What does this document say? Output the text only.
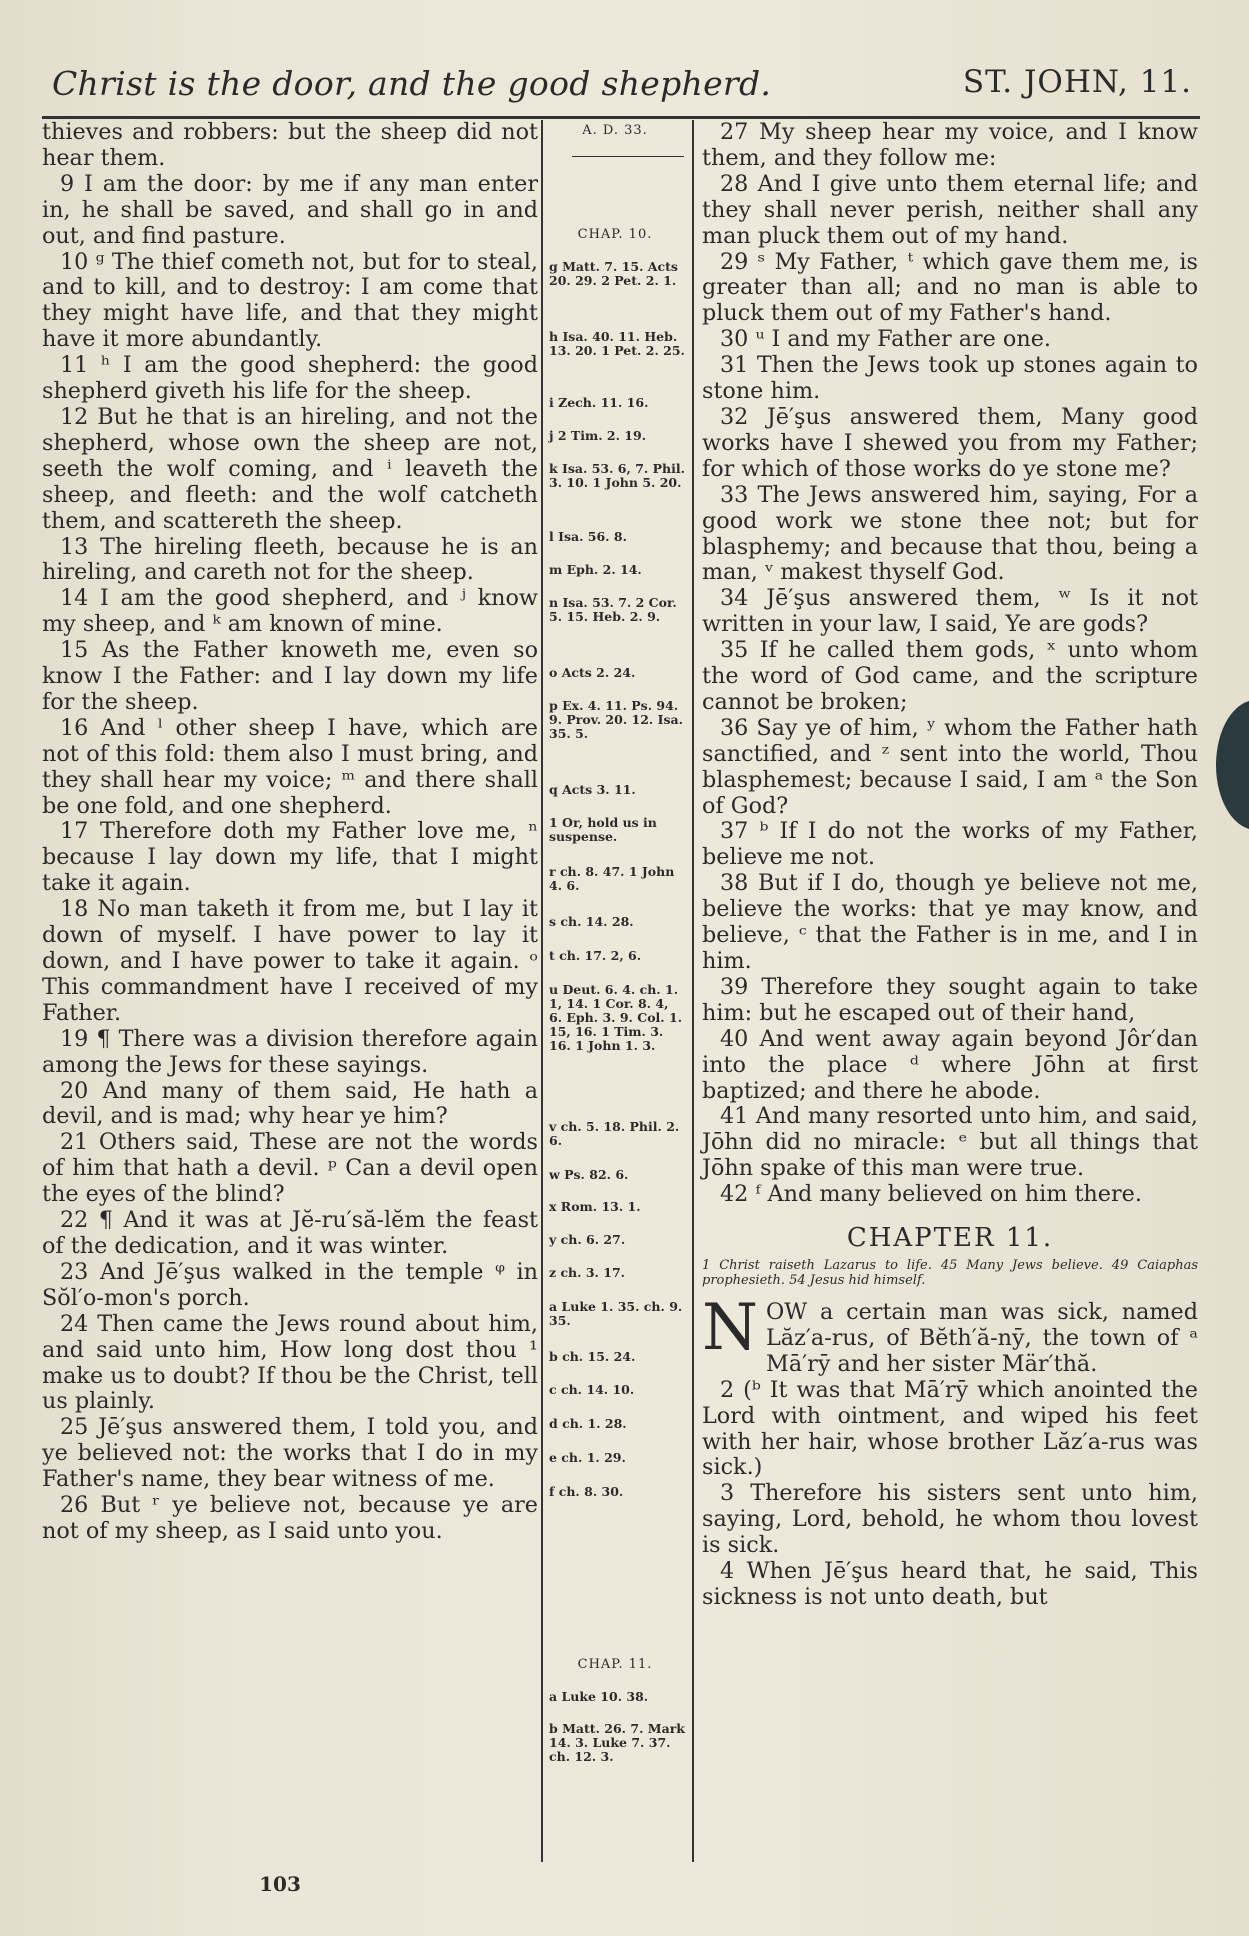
Christ is the door, and the good shepherd.	ST. JOHN, 11.

thieves and robbers: but the sheep did not hear them.

9 I am the door: by me if any man enter in, he shall be saved, and shall go in and out, and find pasture.

10 ᵍ The thief cometh not, but for to steal, and to kill, and to destroy: I am come that they might have life, and that they might have it more abundantly.

11 ʰ I am the good shepherd: the good shepherd giveth his life for the sheep.

12 But he that is an hireling, and not the shepherd, whose own the sheep are not, seeth the wolf coming, and ⁱ leaveth the sheep, and fleeth: and the wolf catcheth them, and scattereth the sheep.

13 The hireling fleeth, because he is an hireling, and careth not for the sheep.

14 I am the good shepherd, and ʲ know my sheep, and ᵏ am known of mine.

15 As the Father knoweth me, even so know I the Father: and I lay down my life for the sheep.

16 And ˡ other sheep I have, which are not of this fold: them also I must bring, and they shall hear my voice; ᵐ and there shall be one fold, and one shepherd.

17 Therefore doth my Father love me, ⁿ because I lay down my life, that I might take it again.

18 No man taketh it from me, but I lay it down of myself. I have power to lay it down, and I have power to take it again. ᵒ This commandment have I received of my Father.

19 ¶ There was a division therefore again among the Jews for these sayings.

20 And many of them said, He hath a devil, and is mad; why hear ye him?

21 Others said, These are not the words of him that hath a devil. ᵖ Can a devil open the eyes of the blind?

22 ¶ And it was at Jĕ-ru′să-lĕm the feast of the dedication, and it was winter.

23 And Jē′şus walked in the temple ᵠ in Sŏl′o-mon's porch.

24 Then came the Jews round about him, and said unto him, How long dost thou ¹ make us to doubt? If thou be the Christ, tell us plainly.

25 Jē′şus answered them, I told you, and ye believed not: the works that I do in my Father's name, they bear witness of me.

26 But ʳ ye believe not, because ye are not of my sheep, as I said unto you.

A. D. 33.
CHAP. 10.
g Matt. 7. 15. Acts 20. 29. 2 Pet. 2. 1.
h Isa. 40. 11. Heb. 13. 20. 1 Pet. 2. 25.
i Zech. 11. 16.
j 2 Tim. 2. 19.
k Isa. 53. 6, 7. Phil. 3. 10. 1 John 5. 20.
l Isa. 56. 8.
m Eph. 2. 14.
n Isa. 53. 7. 2 Cor. 5. 15. Heb. 2. 9.
o Acts 2. 24.
p Ex. 4. 11. Ps. 94. 9. Prov. 20. 12. Isa. 35. 5.
q Acts 3. 11.
1 Or, hold us in suspense.
r ch. 8. 47. 1 John 4. 6.
s ch. 14. 28.
t ch. 17. 2, 6.
u Deut. 6. 4. ch. 1. 1, 14. 1 Cor. 8. 4, 6. Eph. 3. 9. Col. 1. 15, 16. 1 Tim. 3. 16. 1 John 1. 3.
v ch. 5. 18. Phil. 2. 6.
w Ps. 82. 6.
x Rom. 13. 1.
y ch. 6. 27.
z ch. 3. 17.
a Luke 1. 35. ch. 9. 35.
b ch. 15. 24.
c ch. 14. 10.
d ch. 1. 28.
e ch. 1. 29.
f ch. 8. 30.
CHAP. 11.
a Luke 10. 38.
b Matt. 26. 7. Mark 14. 3. Luke 7. 37. ch. 12. 3.

27 My sheep hear my voice, and I know them, and they follow me:

28 And I give unto them eternal life; and they shall never perish, neither shall any man pluck them out of my hand.

29 ˢ My Father, ᵗ which gave them me, is greater than all; and no man is able to pluck them out of my Father's hand.

30 ᵘ I and my Father are one.

31 Then the Jews took up stones again to stone him.

32 Jē′şus answered them, Many good works have I shewed you from my Father; for which of those works do ye stone me?

33 The Jews answered him, saying, For a good work we stone thee not; but for blasphemy; and because that thou, being a man, ᵛ makest thyself God.

34 Jē′şus answered them, ʷ Is it not written in your law, I said, Ye are gods?

35 If he called them gods, ˣ unto whom the word of God came, and the scripture cannot be broken;

36 Say ye of him, ʸ whom the Father hath sanctified, and ᶻ sent into the world, Thou blasphemest; because I said, I am ᵃ the Son of God?

37 ᵇ If I do not the works of my Father, believe me not.

38 But if I do, though ye believe not me, believe the works: that ye may know, and believe, ᶜ that the Father is in me, and I in him.

39 Therefore they sought again to take him: but he escaped out of their hand,

40 And went away again beyond Jôr′dan into the place ᵈ where Jōhn at first baptized; and there he abode.

41 And many resorted unto him, and said, Jōhn did no miracle: ᵉ but all things that Jōhn spake of this man were true.

42 ᶠ And many believed on him there.

CHAPTER 11.

1 Christ raiseth Lazarus to life. 45 Many Jews believe. 49 Caiaphas prophesieth. 54 Jesus hid himself.

NOW a certain man was sick, named Lăz′a-rus, of Bĕth′ă-nȳ, the town of ᵃ Mā′rȳ and her sister Mär′thă.

2 (ᵇ It was that Mā′rȳ which anointed the Lord with ointment, and wiped his feet with her hair, whose brother Lăz′a-rus was sick.)

3 Therefore his sisters sent unto him, saying, Lord, behold, he whom thou lovest is sick.

4 When Jē′şus heard that, he said, This sickness is not unto death, but

103
